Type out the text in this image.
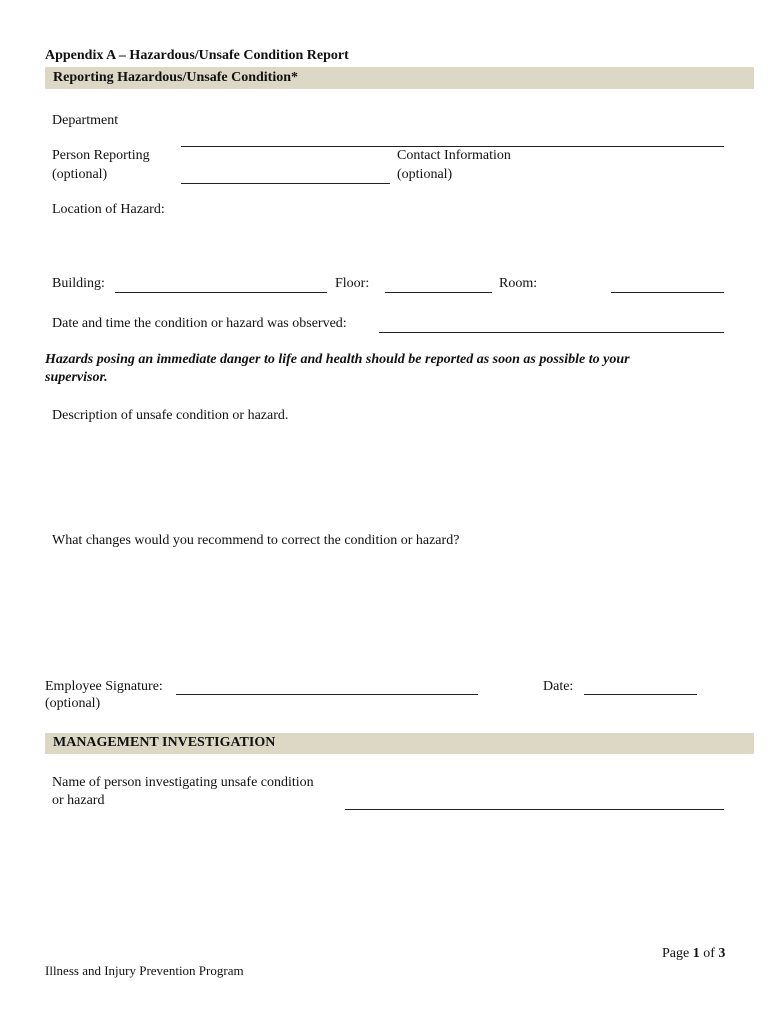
Appendix A – Hazardous/Unsafe Condition Report
Reporting Hazardous/Unsafe Condition*
Department
Person Reporting
(optional)
Contact Information
(optional)
Location of Hazard:
Building:	Floor:	Room:
Date and time the condition or hazard was observed:
Hazards posing an immediate danger to life and health should be reported as soon as possible to your
supervisor.
Description of unsafe condition or hazard.
What changes would you recommend to correct the condition or hazard?
Employee Signature:
(optional)
Date:
MANAGEMENT INVESTIGATION
Name of person investigating unsafe condition
or hazard
Page 1 of 3
Illness and Injury Prevention Program
